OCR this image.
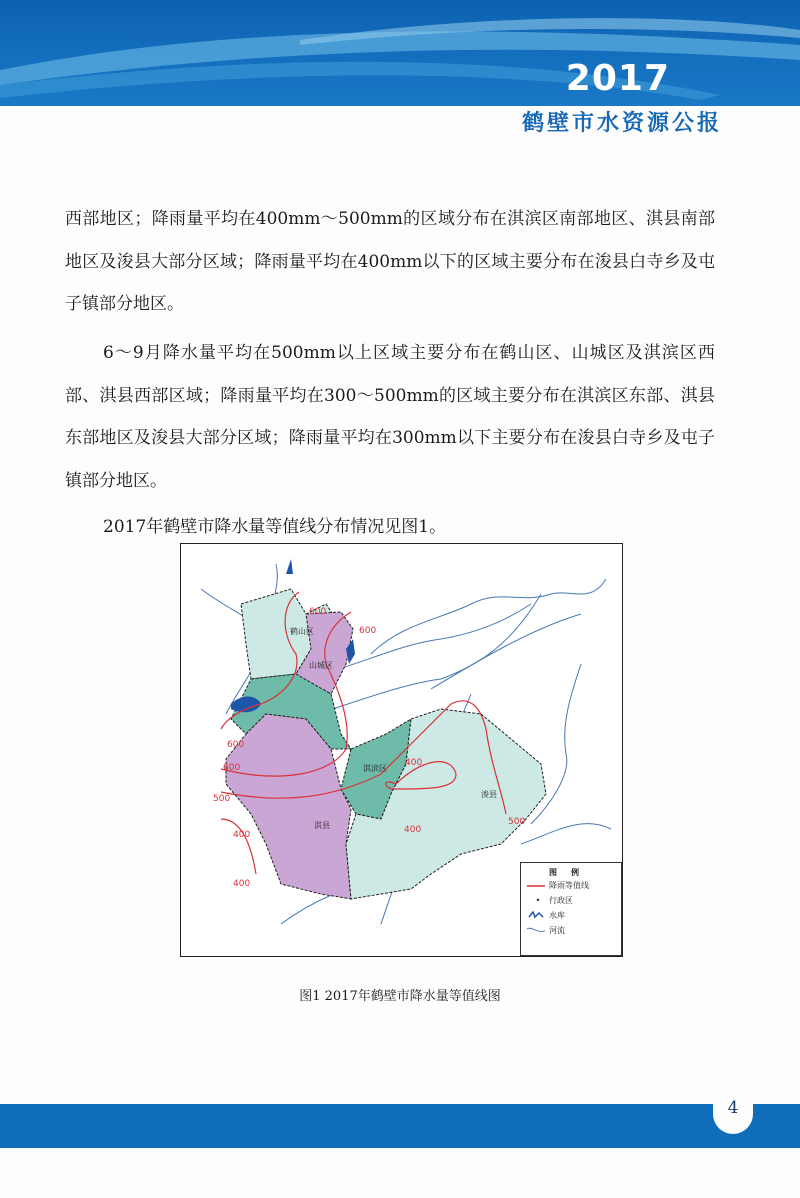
2017
鹤壁市水资源公报
西部地区；降雨量平均在400mm～500mm的区域分布在淇滨区南部地区、淇县南部地区及浚县大部分区域；降雨量平均在400mm以下的区域主要分布在浚县白寺乡及屯子镇部分地区。
6～9月降水量平均在500mm以上区域主要分布在鹤山区、山城区及淇滨区西部、淇县西部区域；降雨量平均在300～500mm的区域主要分布在淇滨区东部、淇县东部地区及浚县大部分区域；降雨量平均在300mm以下主要分布在浚县白寺乡及屯子镇部分地区。
2017年鹤壁市降水量等值线分布情况见图1。
600
600
600
600
500
500
400
400
400
400
鹤山区
山城区
淇滨区
淇县
浚县
图例
降雨等值线
•	行政区
水库
河流
图1 2017年鹤壁市降水量等值线图
4
